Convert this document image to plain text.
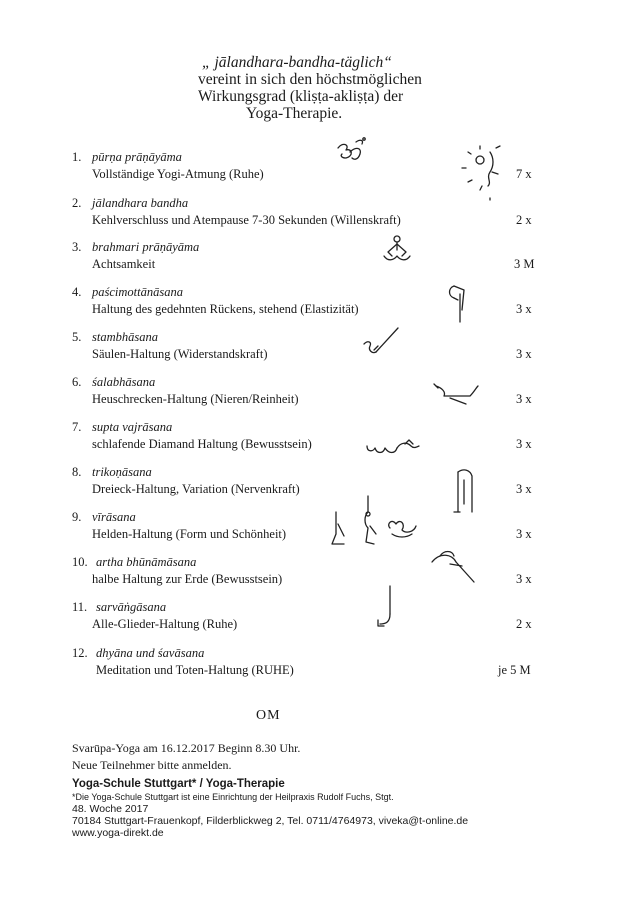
„ jālandhara-bandha-täglich“
vereint in sich den höchstmöglichen
Wirkungsgrad (kliṣṭa-akliṣṭa) der
Yoga-Therapie.
1. pūrṇa prāṇāyāma
Vollständige Yogi-Atmung (Ruhe)	7 x
2. jālandhara bandha
Kehlverschluss und Atempause 7-30 Sekunden (Willenskraft)	2 x
3. brahmari prāṇāyāma
Achtsamkeit	3 M
4. paścimottānāsana
Haltung des gedehnten Rückens, stehend (Elastizität)	3 x
5. stambhāsana
Säulen-Haltung (Widerstandskraft)	3 x
6. śalabhāsana
Heuschrecken-Haltung (Nieren/Reinheit)	3 x
7. supta vajrāsana
schlafende Diamand Haltung (Bewusstsein)	3 x
8. trikoṇāsana
Dreieck-Haltung, Variation (Nervenkraft)	3 x
9. vīrāsana
Helden-Haltung (Form und Schönheit)	3 x
10. artha bhūnāmāsana
halbe Haltung zur Erde (Bewusstsein)	3 x
11. sarvāṅgāsana
Alle-Glieder-Haltung (Ruhe)	2 x
12. dhyāna und śavāsana
Meditation und Toten-Haltung (RUHE)	je 5 M
OM
Svarūpa-Yoga am 16.12.2017 Beginn 8.30 Uhr.
Neue Teilnehmer bitte anmelden.
Yoga-Schule Stuttgart* / Yoga-Therapie
*Die Yoga-Schule Stuttgart ist eine Einrichtung der Heilpraxis Rudolf Fuchs, Stgt.
48. Woche 2017
70184 Stuttgart-Frauenkopf, Filderblickweg 2, Tel. 0711/4764973, viveka@t-online.de
www.yoga-direkt.de
